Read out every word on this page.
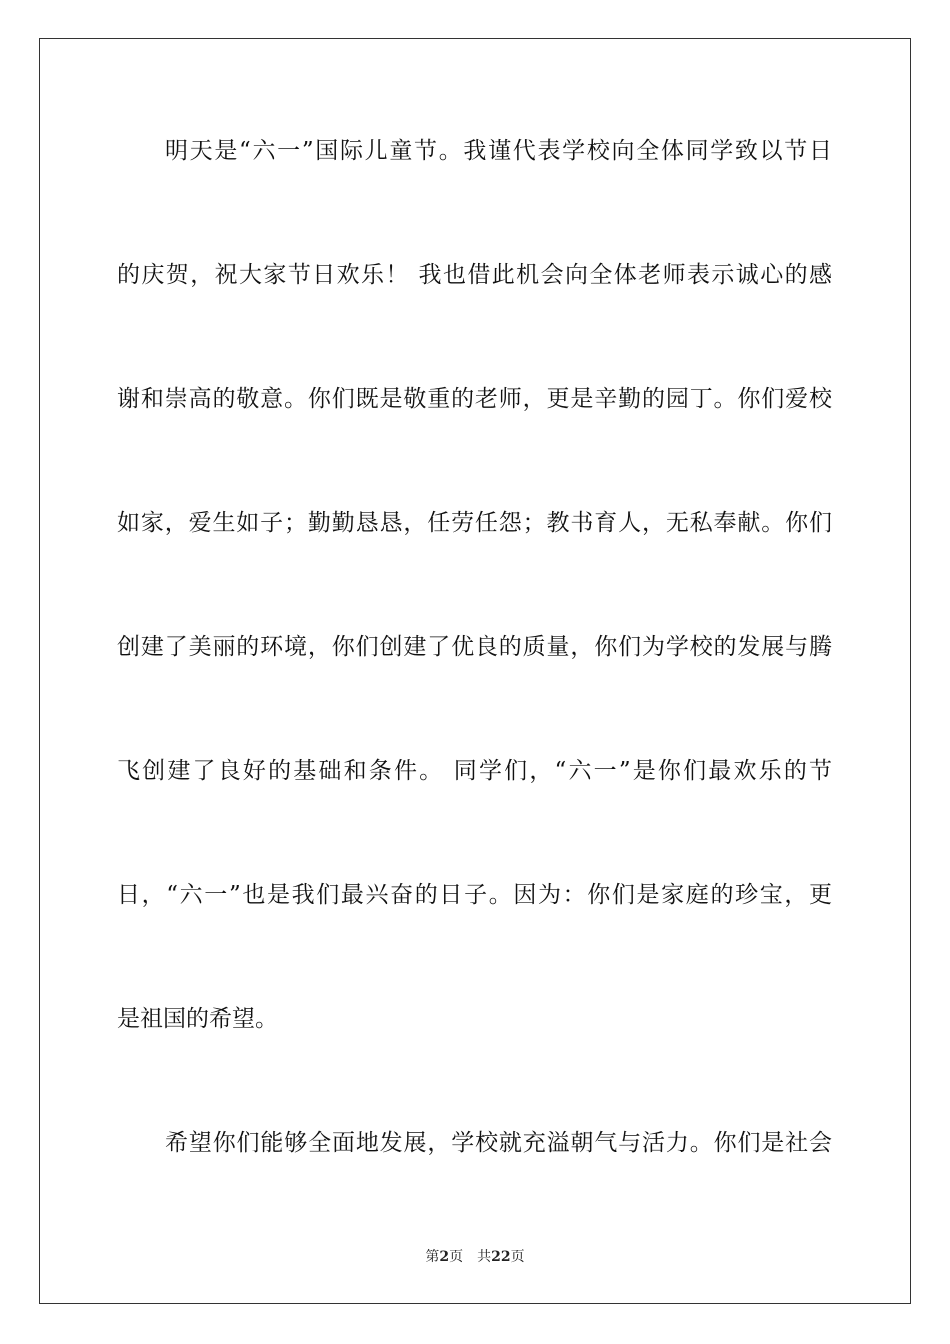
明天是“六一”国际儿童节。我谨代表学校向全体同学致以节日
的庆贺，祝大家节日欢乐！ 我也借此机会向全体老师表示诚心的感
谢和崇高的敬意。你们既是敬重的老师，更是辛勤的园丁。你们爱校
如家，爱生如子；勤勤恳恳，任劳任怨；教书育人，无私奉献。你们
创建了美丽的环境，你们创建了优良的质量，你们为学校的发展与腾
飞创建了良好的基础和条件。 同学们，“六一”是你们最欢乐的节
日，“六一”也是我们最兴奋的日子。因为：你们是家庭的珍宝，更
是祖国的希望。
希望你们能够全面地发展，学校就充溢朝气与活力。你们是社会
第2页 共22页
